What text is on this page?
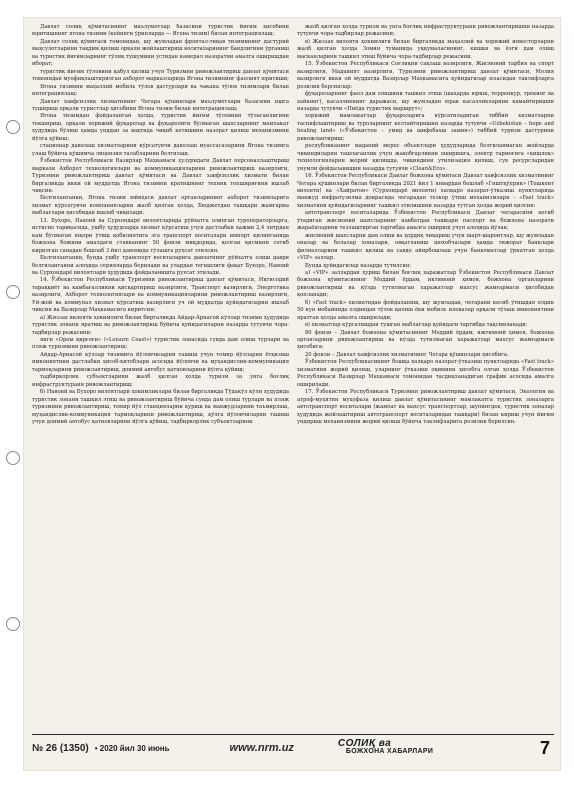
Давлат солиқ қўмитасининг маълумотлар базасини туристик йиғим ҳисобини юритишнинг ягона тизими (кейинги ўринларда — Ягона тизим) билан интеграциялаш;

Давлат солиқ қўмитаси томонидан, шу жумладан фронтал-тиқав тизимининг дастурий маҳсулотларини тақдим қилиш орқали жойлаштириш воситаларининг бандлигини ўрганиш ва туристик йиғимларнинг тўлиқ тушумини устидан камерал назоратни амалга оширишдан иборат;

туристик йиғим тўловини қабул қилиш учун Туризмни ривожлантириш давлат қўмитаси томонидан муофиқлаштирилган ахборот марказларида Ягона тизимнинг фаолият юритиши;

Ягона тизимни маҳаллий мобиль тўлов дастурлари ва чакана тўлов тизимлари билан интеграциялаш;

Давлат хавфсизлик хизматининг Чегара қўшинлари маълумотлари базасини ишга тушириш орқали туристлар ҳисобини Ягона тизим билан интеграциялаш;

Ягона тизимдан фойдаланган ҳолда, туристик йиғим тўловини тўлаганлигини текшириш, орқали хорижий фуқаролар ва фуқаролиги бўлмаган шахсларнинг мамлакат ҳудудида бўлиш ҳамда унддан за вақтида чиқиб кетишини назорат қилиш механизмини йўлга қўйиш;

стационар даволаш хизматларини кўрсатувчи даволаш муассасаларини Ягона тизимга улаш бўйича қўшимча лицензия талабларини белгилаш.

Ўзбекистон Республикаси Вазирлар Маҳкамаси ҳузуридаги Давлат персоналлаштириш маркази Ахборот технологиялари ва коммуникацияларини ривожлантириш вазирлиги, Туризмни ривожлантириш давлат қўмитаси ва Давлат хавфсизлик хизмати билан биргаликда икки ой муддатда Ягона тизимни кратишнинг техник топшириғини ишлаб чиқсин.

Белгиланганки, Ягона тизим юйиҳаси давлат органларининг ахборот тизимларига хизмат кўрсатувчи компанияларни жалб қилган ҳолда, Бюджетдан ташқари жамғарма маблағлари ҳисобидан ишлаб чиқилади.

13. Бухоро, Навоий ва Сурхондарё вилоятларида рўйхатга олинган туроператорларга, истисно тариқасида, ушбу ҳудудларда хизмат кўрсатиш учун дастлабки ҳажми 2,4 литрдан кам бўлмаган юқори ўтиш қобилиятига эга транспорт воситалари импорт қилинганида божхона божини амалдаги ставканинг 50 фоизи миқдорида, қолган қисмини сотиб кирилган санадан бошлаб 3 йил давомида тўлашга рухсат этилсин.

Белгиланганки, бунда ушбу транспорт воситаларига давлатнинг рўйхатга олиш даври белгиланганни алоҳида серияларда берилади ва улардан тегишлиги фақат Бухоро, Навоий ва Сурхондарё вилоятлари ҳудудида фойдаланишга рухсат этилади.

14. Ўзбекистон Республикаси Туризмни ривожлантириш давлат қўмитаси, Иқтисодий тараққиёт ва камбағалликни қисқартириш вазирлиги, Транспорт вазирлиги, Энергетика вазирлиги, Ахборот технологиялари ва коммуникацияларини ривожлантириш вазирлиги, Уй-жой ва коммунал хизмат кўрсатиш вазирлиги уч ой муддатда қуйидагиларни ишлаб чиқсин ва Вазирлар Маҳкамасига киритсин:

а) Жиззах вилояти ҳокимлиги билан биргаликда Айдар-Арнасой кўллар тизими ҳудудида туристик зонани яратиш ва ривожлантириш бўйича қуйидагиларни назарда тутувчи чора-тадбирлар режасини:

янги «Ором қирғоғи» («Leisure Coast») туристик зонасида сувда дам олиш турлари ва пляж туризмини ривожлантириш;

Айдар-Арнасой кўллар тизимига йўловчиларни ташиш учун темир йўлларни ётқизиш имкониятини дастлабки ҳисоб-китоблари асосида йўловчи ва муҳандислик-коммуникация тармоқларини ривожлантириш, доимий автобус қатновларини йўлга қўйиш;

тадбиркорлик субъектларини жалб қилган ҳолда туризм за унга боғлиқ инфраструктурани ривожлантириш;

б) Навоий ва Бухоро вилоятлари ҳокимликлари билан биргаликда Тўдакўл кўли ҳудудида туристик зонани ташкил этиш ва ривожлантириш бўйича сувда дам олиш турлари ва пляж туризмини ривожлантириш, темир йўл станцияларни қуриш ва мавжудларини таъмирлаш, муҳандислик-коммуникация тармоқларини ривожлантириш, қўлга йўловчиларни ташиш учун доимий автобус қатновларини йўлга қўйиш, тадбиркорлик субъектларини

жалб қилган ҳолда туризм ва унга боғлиқ инфраструктурани ривожлантиришни назарда тутувчи чора-тадбирлар режасини;

в) Жиззах вилояти ҳокимлиги билан биргаликда маҳаллий ва хорижий инвесторларни жалб қилган ҳолда Зомин туманида уққумаласининг, кишки ва ёзги дам олиш масканларини ташкил этиш бўйича чора-тадбирлар режасини.

15. Ўзбекистон Республикаси Соғлиқни сақлаш вазирлиги, Жисмоний тарбия ва спорт вазирлиги, Маданият вазирлиги, Туризмни ривожлантириш давлат қўмитаси, Молия вазирлиги икки ой муддатда Вазирлар Маҳкамасига қуйидагилар юзасидан таклифларга розилик берсинлар:

фуқароларнинг фаол дам олишини ташкил этиш (шаҳарда юриш, терренкур, трекинг ва хайкинг), касалликнинг даражаси, шу жумладан юрак касалликларини камайтиришни назарда тутувчи «Пиёда туристик маршрут»;

хорижий мамлакатлар фуқароларига кўрсатиладиган тиббий хизматларни таснифлаштириш ва туроларнинг келтайтиришни назарда тутувчи «Uzbekistan – hope and healing land» («Ўзбекистон – умид ва шифобахш замин») тиббий туризм дастурини ривожлантириш;

республиканинг маданий мерос объектлари ҳудудларида белгиланмаган жойларда чиқиндиларни ташлаганлик учун жавобгарликни оширишга, электр тармоғига «қишлоқ» технологияларни жорий қилишда, чиқиндини утилизация қилиш, сув ресурсларидан унумли фойдаланишни назарда тутувчи «Clean&Eco».

16. Ўзбекистон Республикаси Давлат божхона қўмитаси Давлат хавфсизлик хизматининг Чегара қўшинлари билан биргаликда 2021 йил 1 январдан бошлаб «Гиштқўприк» (Тошкент вилояти) ва «Хайратон» (Сурхондарё вилояти) халқаро назорат-ўтказиш пунктларида мавжуд инфратузилма доирасида чегарадан тезкор ўтиш механизмлари – «Fast track» хизматини қуйидагиларнинг ташкил этилишини назарда тутган ҳолда жорий қилсин:

автотранспорт воситаларида Ўзбекистон Республикаси Давлат чегарасини кесиб ўтадиган жисмоний шахсларнинг навбатдан ташқари паспорт ва божхона назорати жараёнларини тезлаштирган таргибда амалга оширищ учун алоҳида йўлак;

жисмоний шахсларни дам олиш ва ҳордиқ чиқариш учун шарт-шароитлар, шу жумладан оналар ва болалар хоналари, овқатланиш шохобчалари ҳамда тижорат банклари филиалларини ташкил қилиш ва савдо айирбошлаш учун банкоматлар ўрнатган ҳолда «VIP» заллар.

Бунда қуйидагилар назарда тутилсин:

а) «VIP» заллардан ҳуриш билан боғлиқ харажатлар Ўзбекистон Республикаси Давлат божхона қўмитасининг Моддий ёрдам, иктимоий ҳимоя, божхона органларини ривожлантириш ва кўзда тутилмаган харажатлар махсус жамғармаси ҳисобидан қопланади;

б) «Fast track» хизматидан фойдаланиш, шу жумладан, чегарани кесиб ўтишдан олдин 50 кун мобайнида олдиндан тўлов қилиш ёки мобиль иловалар орқали тўлаш имкониятини яратган ҳолда амалга оширилади;

в) хизматлар кўрсатишдан тушган маблағлар қуйидаги тартибда тақсимланади:

80 фоизи – Давлат божхона қўмитасининг Моддий ёрдам, ижтимоий ҳимоя, божхона органларини ривожлантириш ва кўзда тутилмаган харажатлар махсус жамғармаси ҳисобига;

20 фоизи – Давлат хавфсизлик хизматининг Чегара қўшинлари ҳисобига.

Ўзбекистон Республикасининг бошқа халқаро назорат-ўтказиш пунктларида «Fast track» хизматини жорий қилиш, уларнинг ўтказиш оқимини ҳисобга олган ҳолда Ўзбекистон Республикаси Вазирлар Маҳкамаси томонидан тасдиқланадиган график асосида амалга оширилади.

17. Ўзбекистон Республикаси Туризмни ривожлантириш давлат қўмитаси, Экология ва атроф-муҳитни муҳофаза қилиш давлат қўмитасининг мамлакатга туристик зоналарга автотранспорт воситалари (жамоат ва махсус транспортлар, шунингдек, туристик зоналар ҳудудида жойлаштириш автотранспорт воситаларидан ташқари) билан кириш учун йиғим ундириш механизмини жорий қилиш бўйича таклифларига розилик берилсин.

№ 26 (1350) • 2020 йил 30 июнь	www.nrm.uz	СОЛИҚ ва
БОЖХОНА ХАБАРЛАРИ	7
